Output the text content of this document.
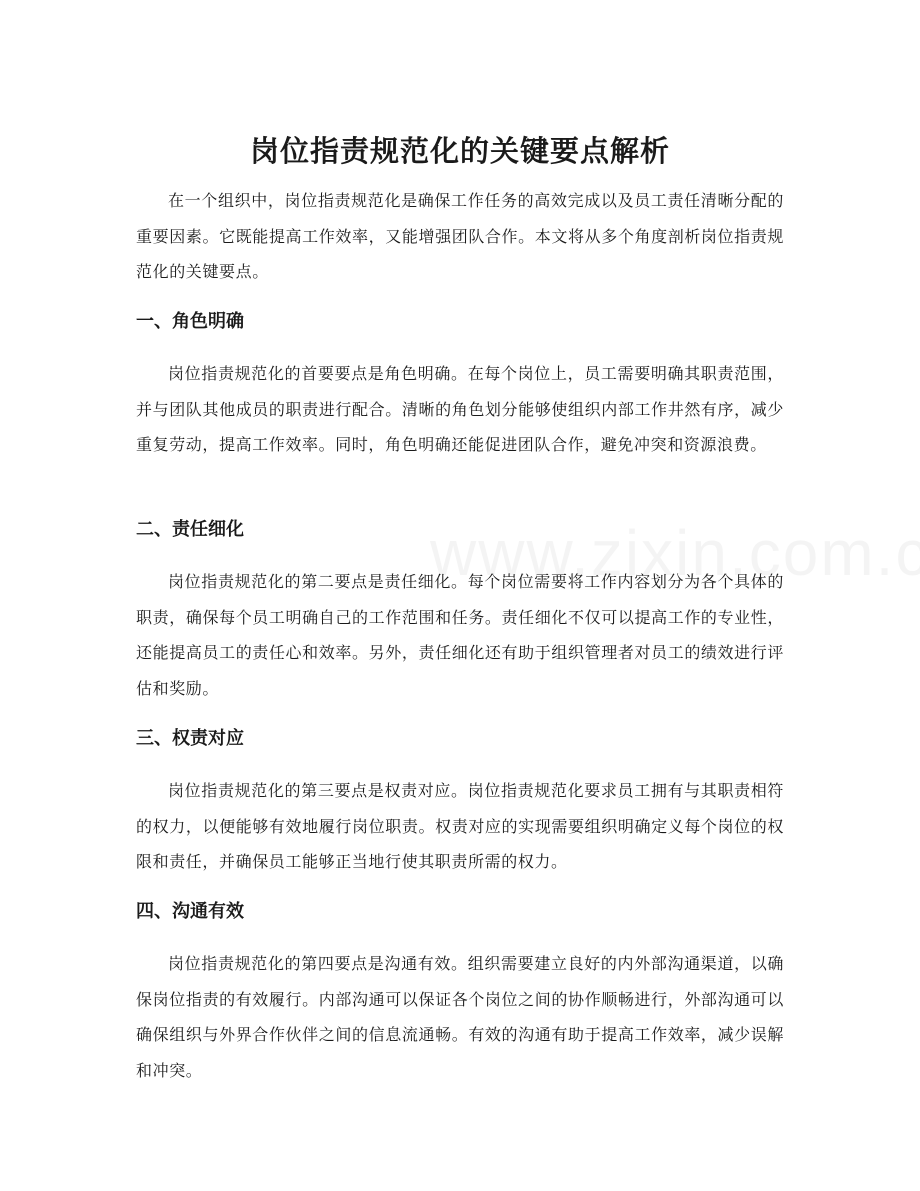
岗位指责规范化的关键要点解析

在一个组织中，岗位指责规范化是确保工作任务的高效完成以及员工责任清晰分配的重要因素。它既能提高工作效率，又能增强团队合作。本文将从多个角度剖析岗位指责规范化的关键要点。

一、角色明确

岗位指责规范化的首要要点是角色明确。在每个岗位上，员工需要明确其职责范围，并与团队其他成员的职责进行配合。清晰的角色划分能够使组织内部工作井然有序，减少重复劳动，提高工作效率。同时，角色明确还能促进团队合作，避免冲突和资源浪费。

二、责任细化

岗位指责规范化的第二要点是责任细化。每个岗位需要将工作内容划分为各个具体的职责，确保每个员工明确自己的工作范围和任务。责任细化不仅可以提高工作的专业性，还能提高员工的责任心和效率。另外，责任细化还有助于组织管理者对员工的绩效进行评估和奖励。

三、权责对应

岗位指责规范化的第三要点是权责对应。岗位指责规范化要求员工拥有与其职责相符的权力，以便能够有效地履行岗位职责。权责对应的实现需要组织明确定义每个岗位的权限和责任，并确保员工能够正当地行使其职责所需的权力。

四、沟通有效

岗位指责规范化的第四要点是沟通有效。组织需要建立良好的内外部沟通渠道，以确保岗位指责的有效履行。内部沟通可以保证各个岗位之间的协作顺畅进行，外部沟通可以确保组织与外界合作伙伴之间的信息流通畅。有效的沟通有助于提高工作效率，减少误解和冲突。
